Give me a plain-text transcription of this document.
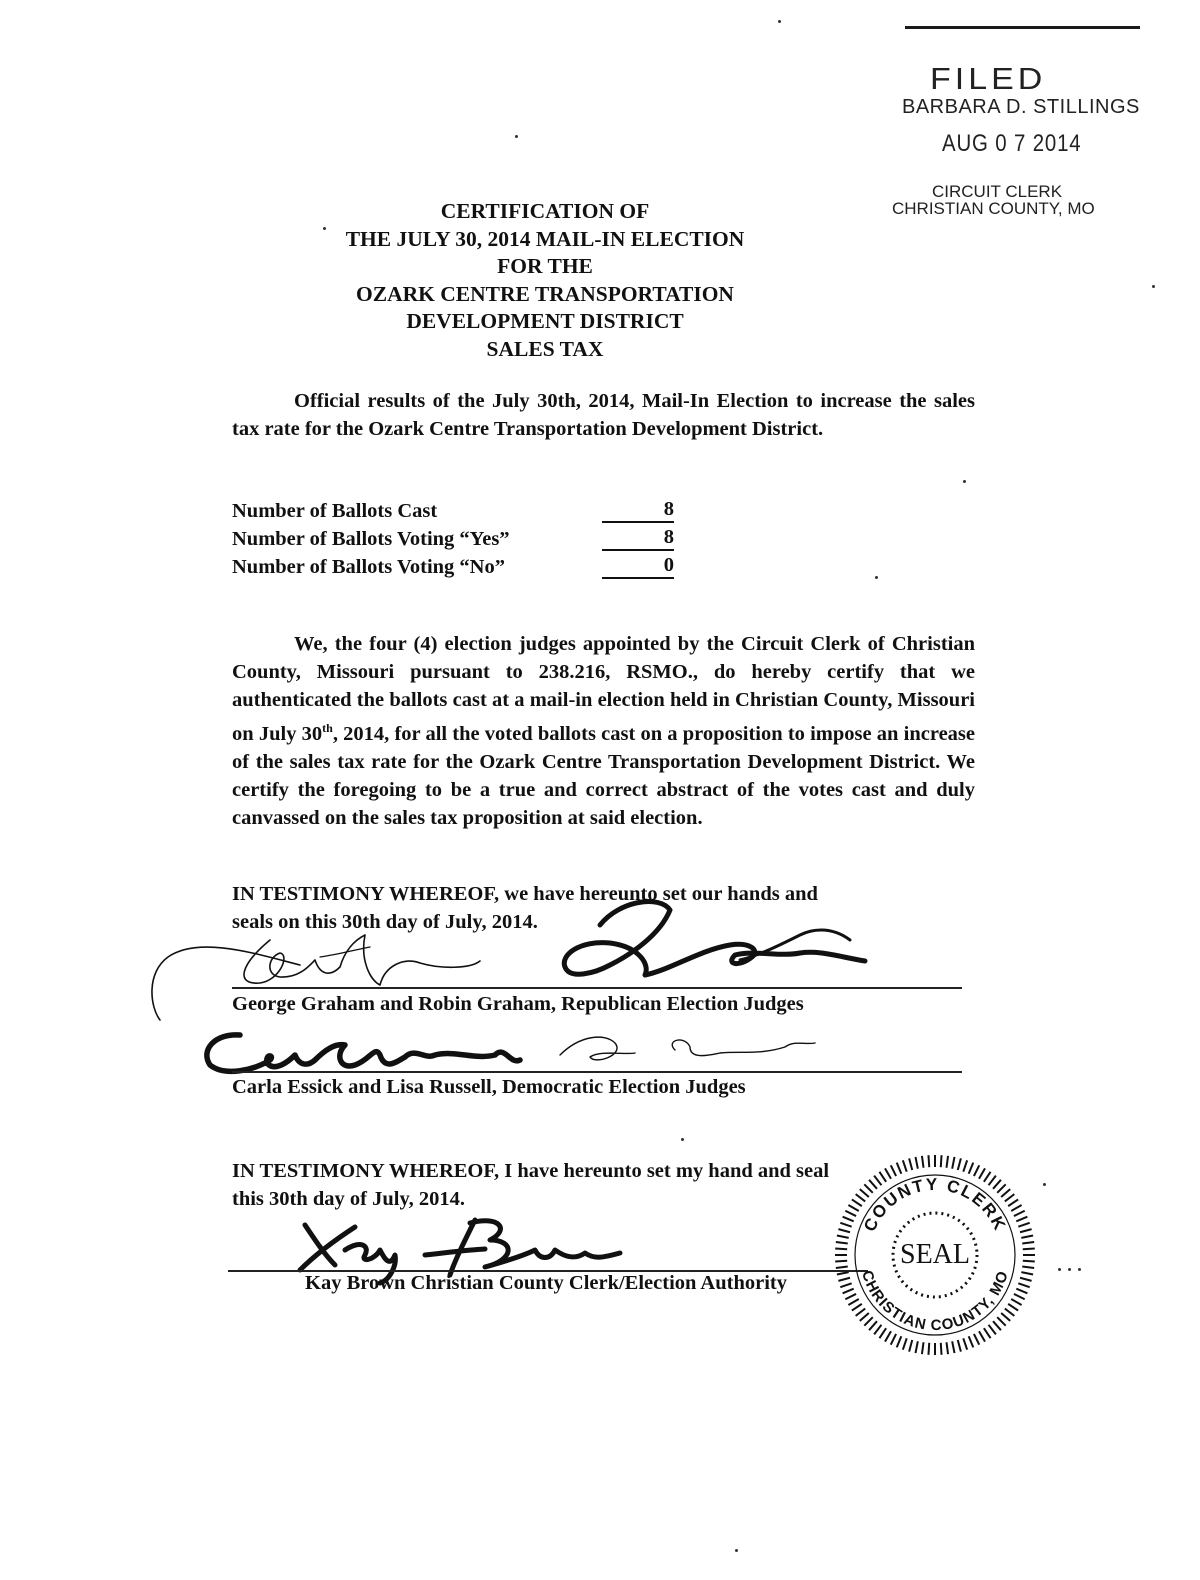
FILED
BARBARA D. STILLINGS
AUG 0 7 2014
CIRCUIT CLERK
CHRISTIAN COUNTY, MO
CERTIFICATION OF
THE JULY 30, 2014 MAIL-IN ELECTION
FOR THE
OZARK CENTRE TRANSPORTATION
DEVELOPMENT DISTRICT
SALES TAX
Official results of the July 30th, 2014, Mail-In Election to increase the sales tax rate for the Ozark Centre Transportation Development District.
Number of Ballots Cast	8
Number of Ballots Voting “Yes”	8
Number of Ballots Voting “No”	0
We, the four (4) election judges appointed by the Circuit Clerk of Christian County, Missouri pursuant to 238.216, RSMO., do hereby certify that we authenticated the ballots cast at a mail-in election held in Christian County, Missouri on July 30th, 2014, for all the voted ballots cast on a proposition to impose an increase of the sales tax rate for the Ozark Centre Transportation Development District. We certify the foregoing to be a true and correct abstract of the votes cast and duly canvassed on the sales tax proposition at said election.
IN TESTIMONY WHEREOF, we have hereunto set our hands and
seals on this 30th day of July, 2014.
George Graham and Robin Graham, Republican Election Judges
Carla Essick and Lisa Russell, Democratic Election Judges
IN TESTIMONY WHEREOF, I have hereunto set my hand and seal
this 30th day of July, 2014.
Kay Brown Christian County Clerk/Election Authority
COUNTY CLERK
CHRISTIAN COUNTY, MO
SEAL
